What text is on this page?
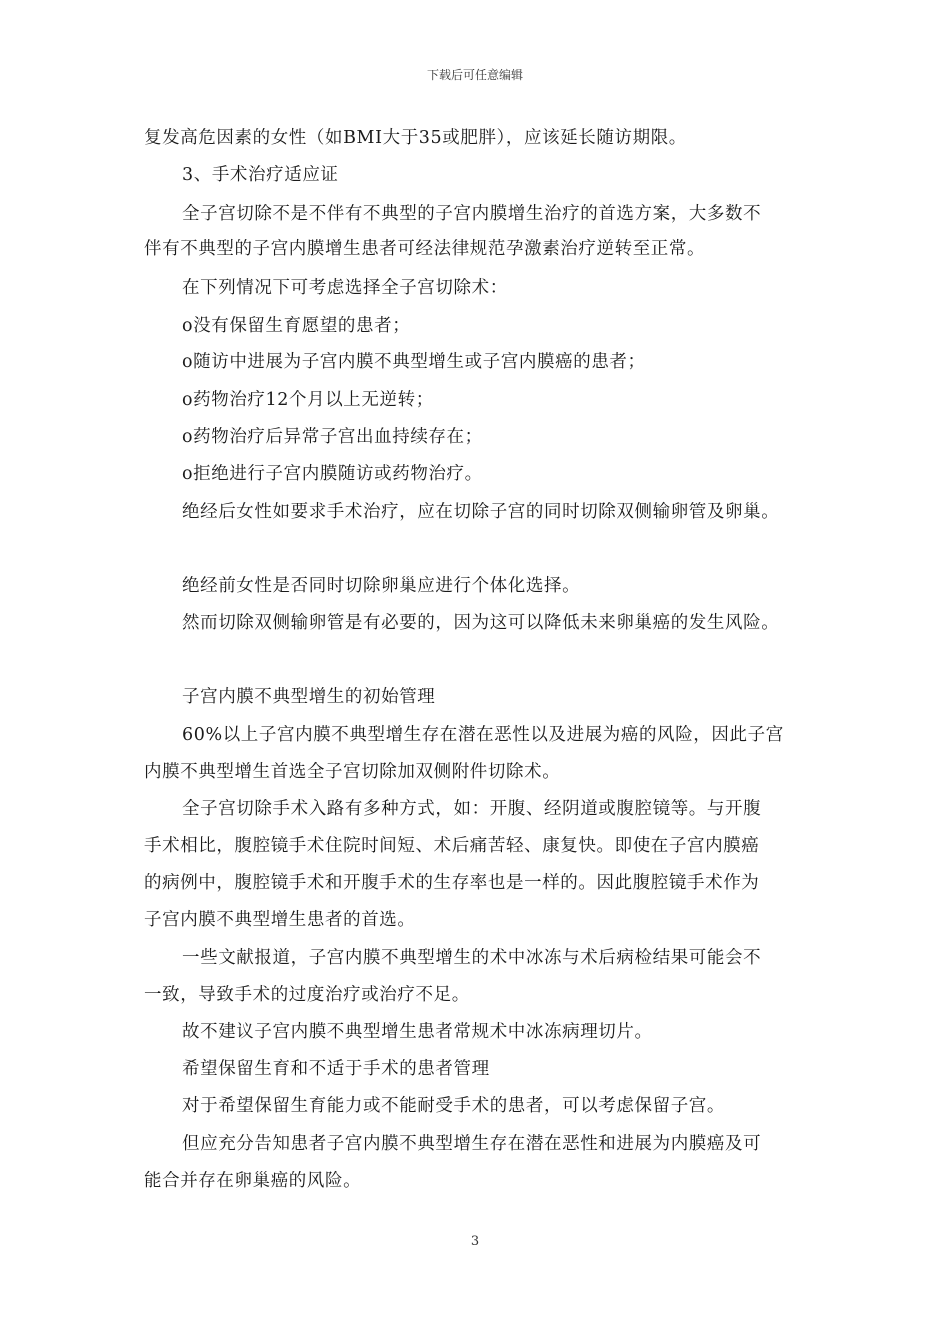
下载后可任意编辑
复发高危因素的女性（如BMI大于35或肥胖），应该延长随访期限。
3、手术治疗适应证
全子宫切除不是不伴有不典型的子宫内膜增生治疗的首选方案，大多数不
伴有不典型的子宫内膜增生患者可经法律规范孕激素治疗逆转至正常。
在下列情况下可考虑选择全子宫切除术：
o没有保留生育愿望的患者；
o随访中进展为子宫内膜不典型增生或子宫内膜癌的患者；
o药物治疗12个月以上无逆转；
o药物治疗后异常子宫出血持续存在；
o拒绝进行子宫内膜随访或药物治疗。
绝经后女性如要求手术治疗，应在切除子宫的同时切除双侧输卵管及卵巢。
绝经前女性是否同时切除卵巢应进行个体化选择。
然而切除双侧输卵管是有必要的，因为这可以降低未来卵巢癌的发生风险。
子宫内膜不典型增生的初始管理
60%以上子宫内膜不典型增生存在潜在恶性以及进展为癌的风险，因此子宫
内膜不典型增生首选全子宫切除加双侧附件切除术。
全子宫切除手术入路有多种方式，如：开腹、经阴道或腹腔镜等。与开腹
手术相比，腹腔镜手术住院时间短、术后痛苦轻、康复快。即使在子宫内膜癌
的病例中，腹腔镜手术和开腹手术的生存率也是一样的。因此腹腔镜手术作为
子宫内膜不典型增生患者的首选。
一些文献报道，子宫内膜不典型增生的术中冰冻与术后病检结果可能会不
一致，导致手术的过度治疗或治疗不足。
故不建议子宫内膜不典型增生患者常规术中冰冻病理切片。
希望保留生育和不适于手术的患者管理
对于希望保留生育能力或不能耐受手术的患者，可以考虑保留子宫。
但应充分告知患者子宫内膜不典型增生存在潜在恶性和进展为内膜癌及可
能合并存在卵巢癌的风险。
3
